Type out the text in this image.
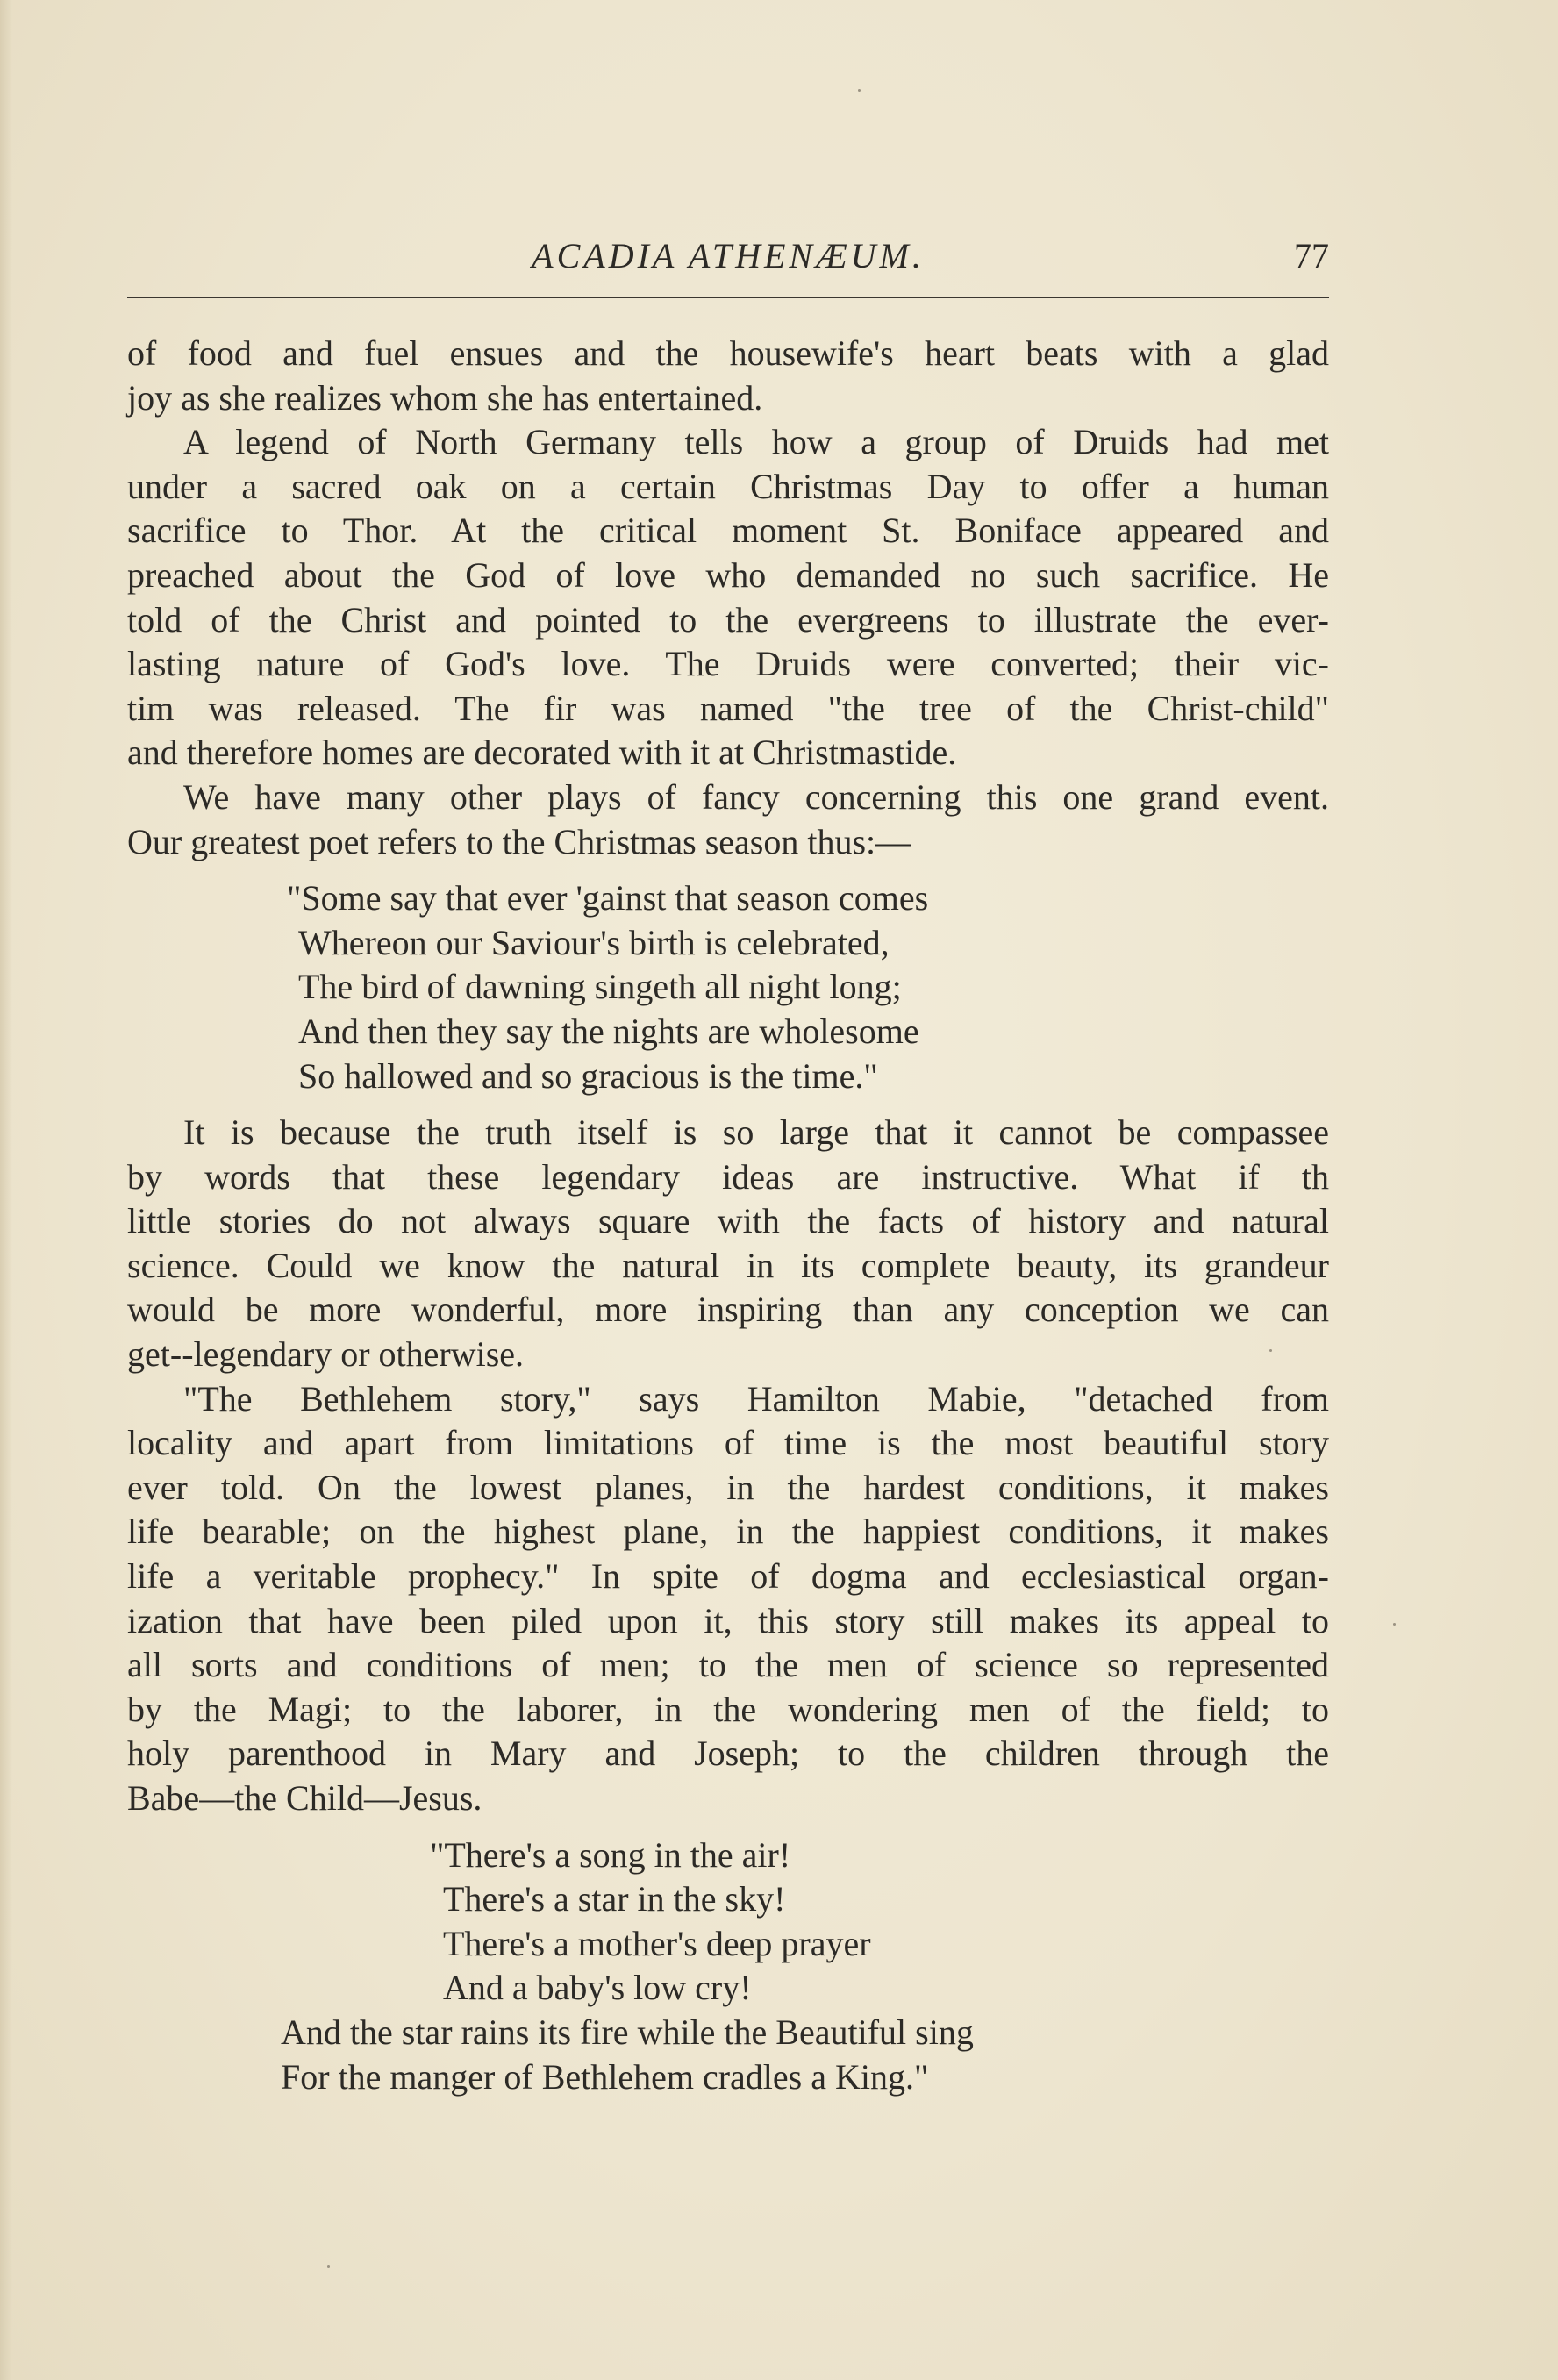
ACADIA ATHENÆUM.	77

of food and fuel ensues and the housewife's heart beats with a glad
joy as she realizes whom she has entertained.

A legend of North Germany tells how a group of Druids had met
under a sacred oak on a certain Christmas Day to offer a human
sacrifice to Thor. At the critical moment St. Boniface appeared and
preached about the God of love who demanded no such sacrifice. He
told of the Christ and pointed to the evergreens to illustrate the ever-
lasting nature of God's love. The Druids were converted; their vic-
tim was released. The fir was named "the tree of the Christ-child"
and therefore homes are decorated with it at Christmastide.

We have many other plays of fancy concerning this one grand event.
Our greatest poet refers to the Christmas season thus:—

"Some say that ever 'gainst that season comes
Whereon our Saviour's birth is celebrated,
The bird of dawning singeth all night long;
And then they say the nights are wholesome
So hallowed and so gracious is the time."

It is because the truth itself is so large that it cannot be compassee
by words that these legendary ideas are instructive. What if th
little stories do not always square with the facts of history and natural
science. Could we know the natural in its complete beauty, its grandeur
would be more wonderful, more inspiring than any conception we can
get--legendary or otherwise.

"The Bethlehem story," says Hamilton Mabie, "detached from
locality and apart from limitations of time is the most beautiful story
ever told. On the lowest planes, in the hardest conditions, it makes
life bearable; on the highest plane, in the happiest conditions, it makes
life a veritable prophecy." In spite of dogma and ecclesiastical organ-
ization that have been piled upon it, this story still makes its appeal to
all sorts and conditions of men; to the men of science so represented
by the Magi; to the laborer, in the wondering men of the field; to
holy parenthood in Mary and Joseph; to the children through the
Babe—the Child—Jesus.

"There's a song in the air!
There's a star in the sky!
There's a mother's deep prayer
And a baby's low cry!
And the star rains its fire while the Beautiful sing
For the manger of Bethlehem cradles a King."
